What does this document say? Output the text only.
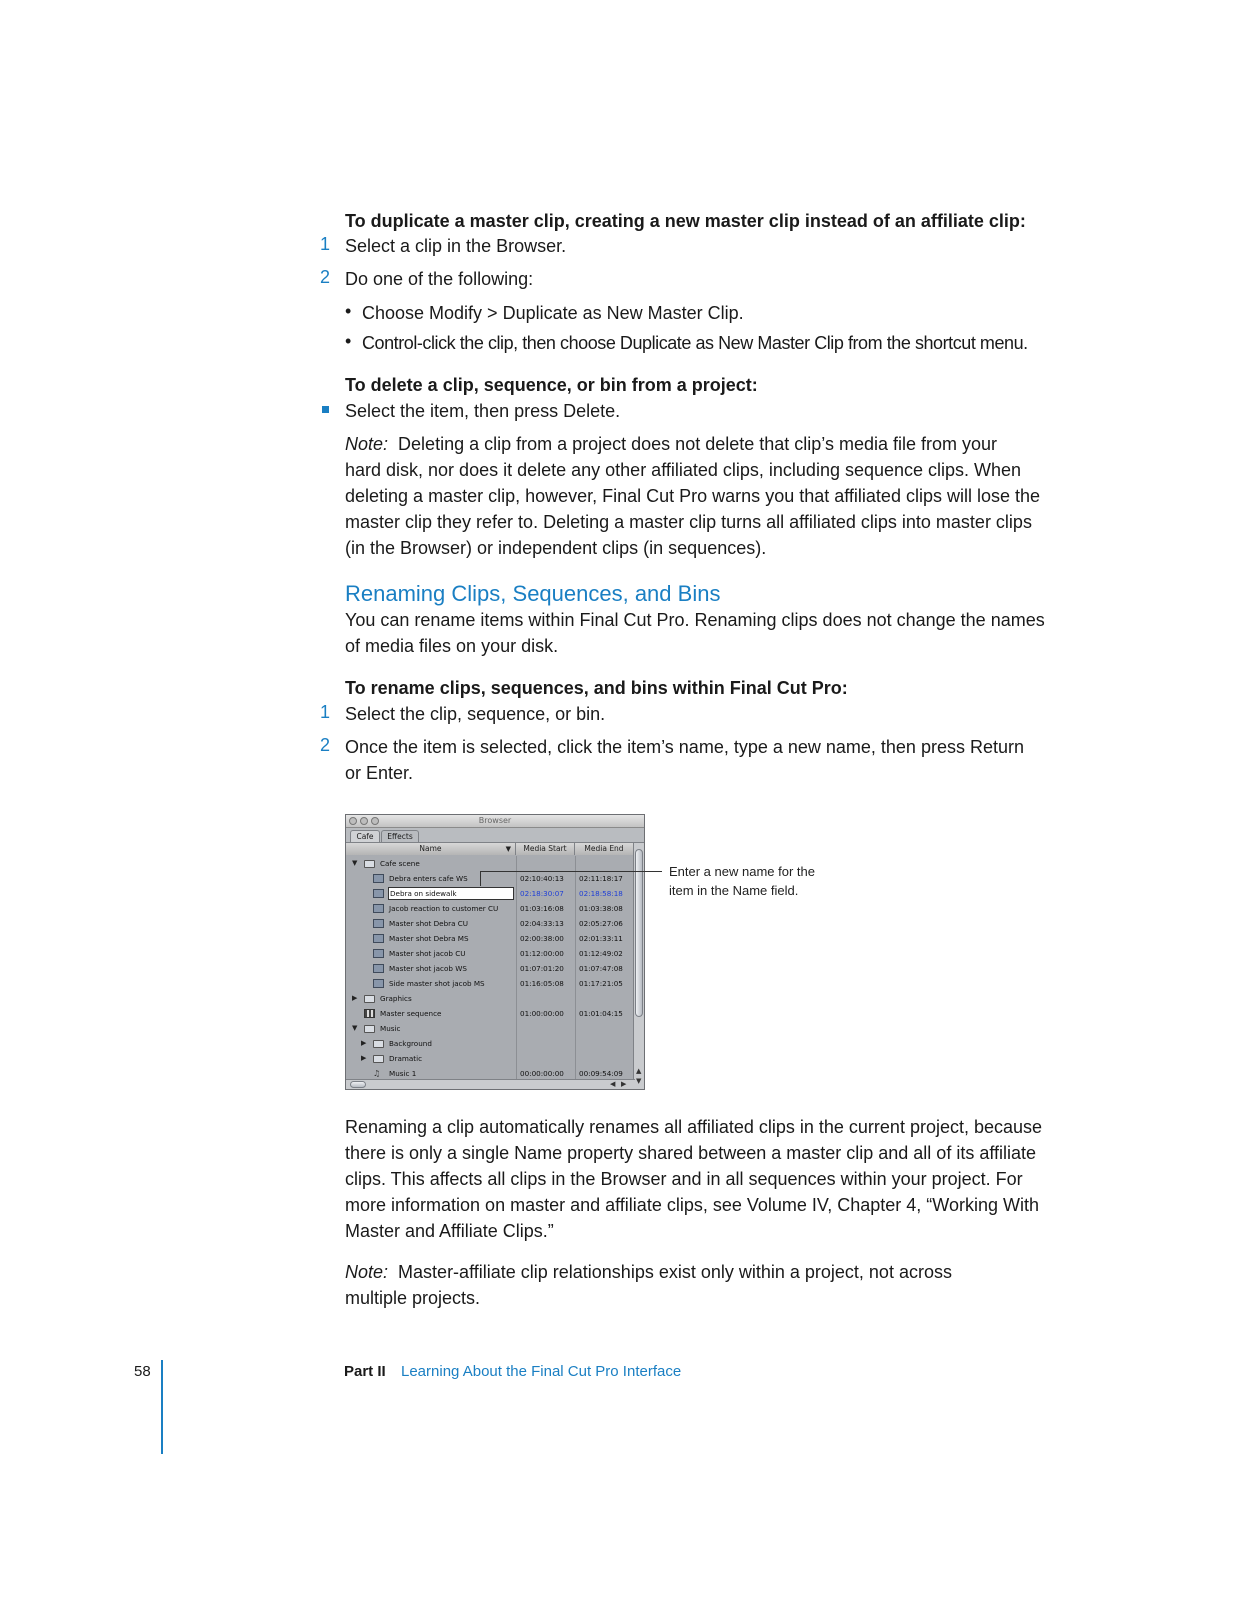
To duplicate a master clip, creating a new master clip instead of an affiliate clip:
1 Select a clip in the Browser.
2 Do one of the following:
• Choose Modify > Duplicate as New Master Clip.
• Control-click the clip, then choose Duplicate as New Master Clip from the shortcut menu.
To delete a clip, sequence, or bin from a project:
Select the item, then press Delete.
Note: Deleting a clip from a project does not delete that clip’s media file from your
hard disk, nor does it delete any other affiliated clips, including sequence clips. When
deleting a master clip, however, Final Cut Pro warns you that affiliated clips will lose the
master clip they refer to. Deleting a master clip turns all affiliated clips into master clips
(in the Browser) or independent clips (in sequences).
Renaming Clips, Sequences, and Bins
You can rename items within Final Cut Pro. Renaming clips does not change the names
of media files on your disk.
To rename clips, sequences, and bins within Final Cut Pro:
1 Select the clip, sequence, or bin.
2 Once the item is selected, click the item’s name, type a new name, then press Return
or Enter.
Browser
Cafe	Effects
Name	▼	Media Start	Media End
▼	Cafe scene
Debra enters cafe WS	02:10:40:13 02:11:18:17
Debra on sidewalk	02:18:30:07 02:18:58:18
Jacob reaction to customer CU	01:03:16:08 01:03:38:08
Master shot Debra CU	02:04:33:13 02:05:27:06
Master shot Debra MS	02:00:38:00 02:01:33:11
Master shot jacob CU	01:12:00:00 01:12:49:02
Master shot jacob WS	01:07:01:20 01:07:47:08
Side master shot jacob MS	01:16:05:08 01:17:21:05
▶	Graphics
Master sequence	01:00:00:00 01:01:04:15
▼	Music
▶	Background
▶	Dramatic
♫ Music 1	00:00:00:00 00:09:54:09 ▲
▼
◀ ▶
Enter a new name for the
item in the Name field.
Renaming a clip automatically renames all affiliated clips in the current project, because
there is only a single Name property shared between a master clip and all of its affiliate
clips. This affects all clips in the Browser and in all sequences within your project. For
more information on master and affiliate clips, see Volume IV, Chapter 4, “Working With
Master and Affiliate Clips.”
Note: Master-affiliate clip relationships exist only within a project, not across
multiple projects.
58	Part II Learning About the Final Cut Pro Interface
